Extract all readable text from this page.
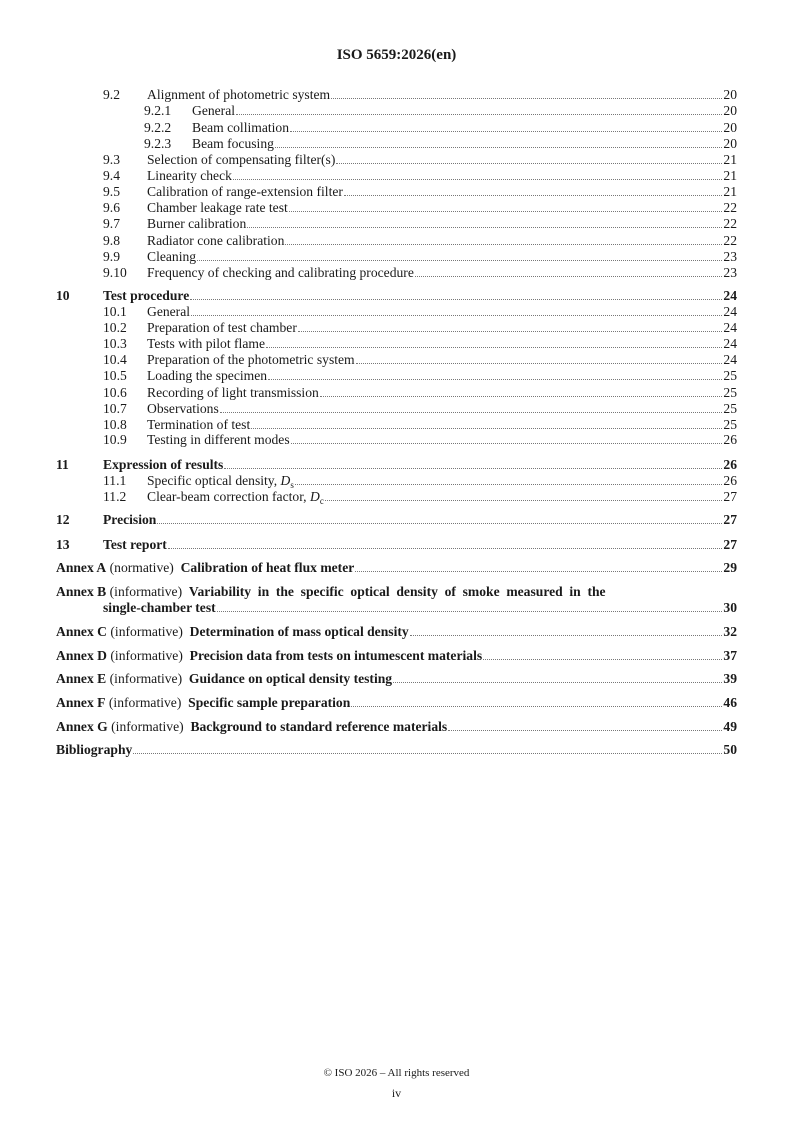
ISO 5659:2026(en)
9.2 Alignment of photometric system	20
9.2.1 General	20
9.2.2 Beam collimation	20
9.2.3 Beam focusing	20
9.3 Selection of compensating filter(s)	21
9.4 Linearity check	21
9.5 Calibration of range-extension filter	21
9.6 Chamber leakage rate test	22
9.7 Burner calibration	22
9.8 Radiator cone calibration	22
9.9 Cleaning	23
9.10 Frequency of checking and calibrating procedure	23
10 Test procedure	24
10.1 General	24
10.2 Preparation of test chamber	24
10.3 Tests with pilot flame	24
10.4 Preparation of the photometric system	24
10.5 Loading the specimen	25
10.6 Recording of light transmission	25
10.7 Observations	25
10.8 Termination of test	25
10.9 Testing in different modes	26
11	Expression of results	26
11.1 Specific optical density, $D_s$	26
11.2 Clear-beam correction factor, $D_c$	27
12 Precision	27
13 Test report	27
Annex A (normative) Calibration of heat flux meter	29
Annex B (informative) Variability in the specific optical density of smoke measured in the
single-chamber test	30
Annex C (informative) Determination of mass optical density	32
Annex D (informative) Precision data from tests on intumescent materials	37
Annex E (informative) Guidance on optical density testing	39
Annex F (informative) Specific sample preparation	46
Annex G (informative) Background to standard reference materials	49
Bibliography	50
© ISO 2026 – All rights reserved
iv
